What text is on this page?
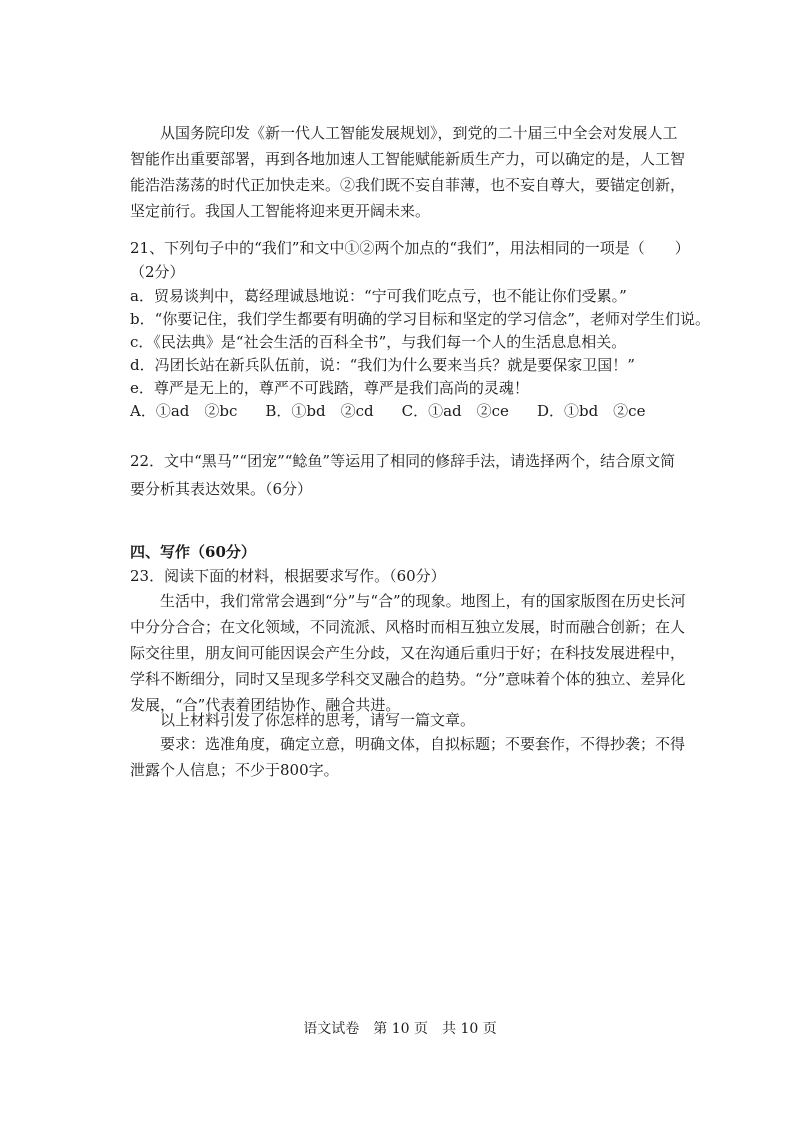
从国务院印发《新一代人工智能发展规划》，到党的二十届三中全会对发展人工智能作出重要部署，再到各地加速人工智能赋能新质生产力，可以确定的是，人工智能浩浩荡荡的时代正加快走来。②我们既不妄自菲薄，也不妄自尊大，要锚定创新，坚定前行。我国人工智能将迎来更开阔未来。
21、下列句子中的“我们”和文中①②两个加点的“我们”，用法相同的一项是（　　）
（2分）
a．贸易谈判中，葛经理诚恳地说：“宁可我们吃点亏，也不能让你们受累。”
b．“你要记住，我们学生都要有明确的学习目标和坚定的学习信念”，老师对学生们说。
c．《民法典》是“社会生活的百科全书”，与我们每一个人的生活息息相关。
d．冯团长站在新兵队伍前，说：“我们为什么要来当兵？就是要保家卫国！”
e．尊严是无上的，尊严不可践踏，尊严是我们高尚的灵魂！
A．①ad　②bc B．①bd　②cd C．①ad　②ce D．①bd　②ce
22．文中“黑马”“团宠”“鲶鱼”等运用了相同的修辞手法，请选择两个，结合原文简要分析其表达效果。（6分）
四、写作（60分）
23．阅读下面的材料，根据要求写作。（60分）
生活中，我们常常会遇到“分”与“合”的现象。地图上，有的国家版图在历史长河中分分合合；在文化领域，不同流派、风格时而相互独立发展，时而融合创新；在人际交往里，朋友间可能因误会产生分歧，又在沟通后重归于好；在科技发展进程中，学科不断细分，同时又呈现多学科交叉融合的趋势。“分”意味着个体的独立、差异化发展，“合”代表着团结协作、融合共进。
以上材料引发了你怎样的思考，请写一篇文章。
要求：选准角度，确定立意，明确文体，自拟标题；不要套作，不得抄袭；不得泄露个人信息；不少于800字。
语文试卷　第 10 页　共 10 页
